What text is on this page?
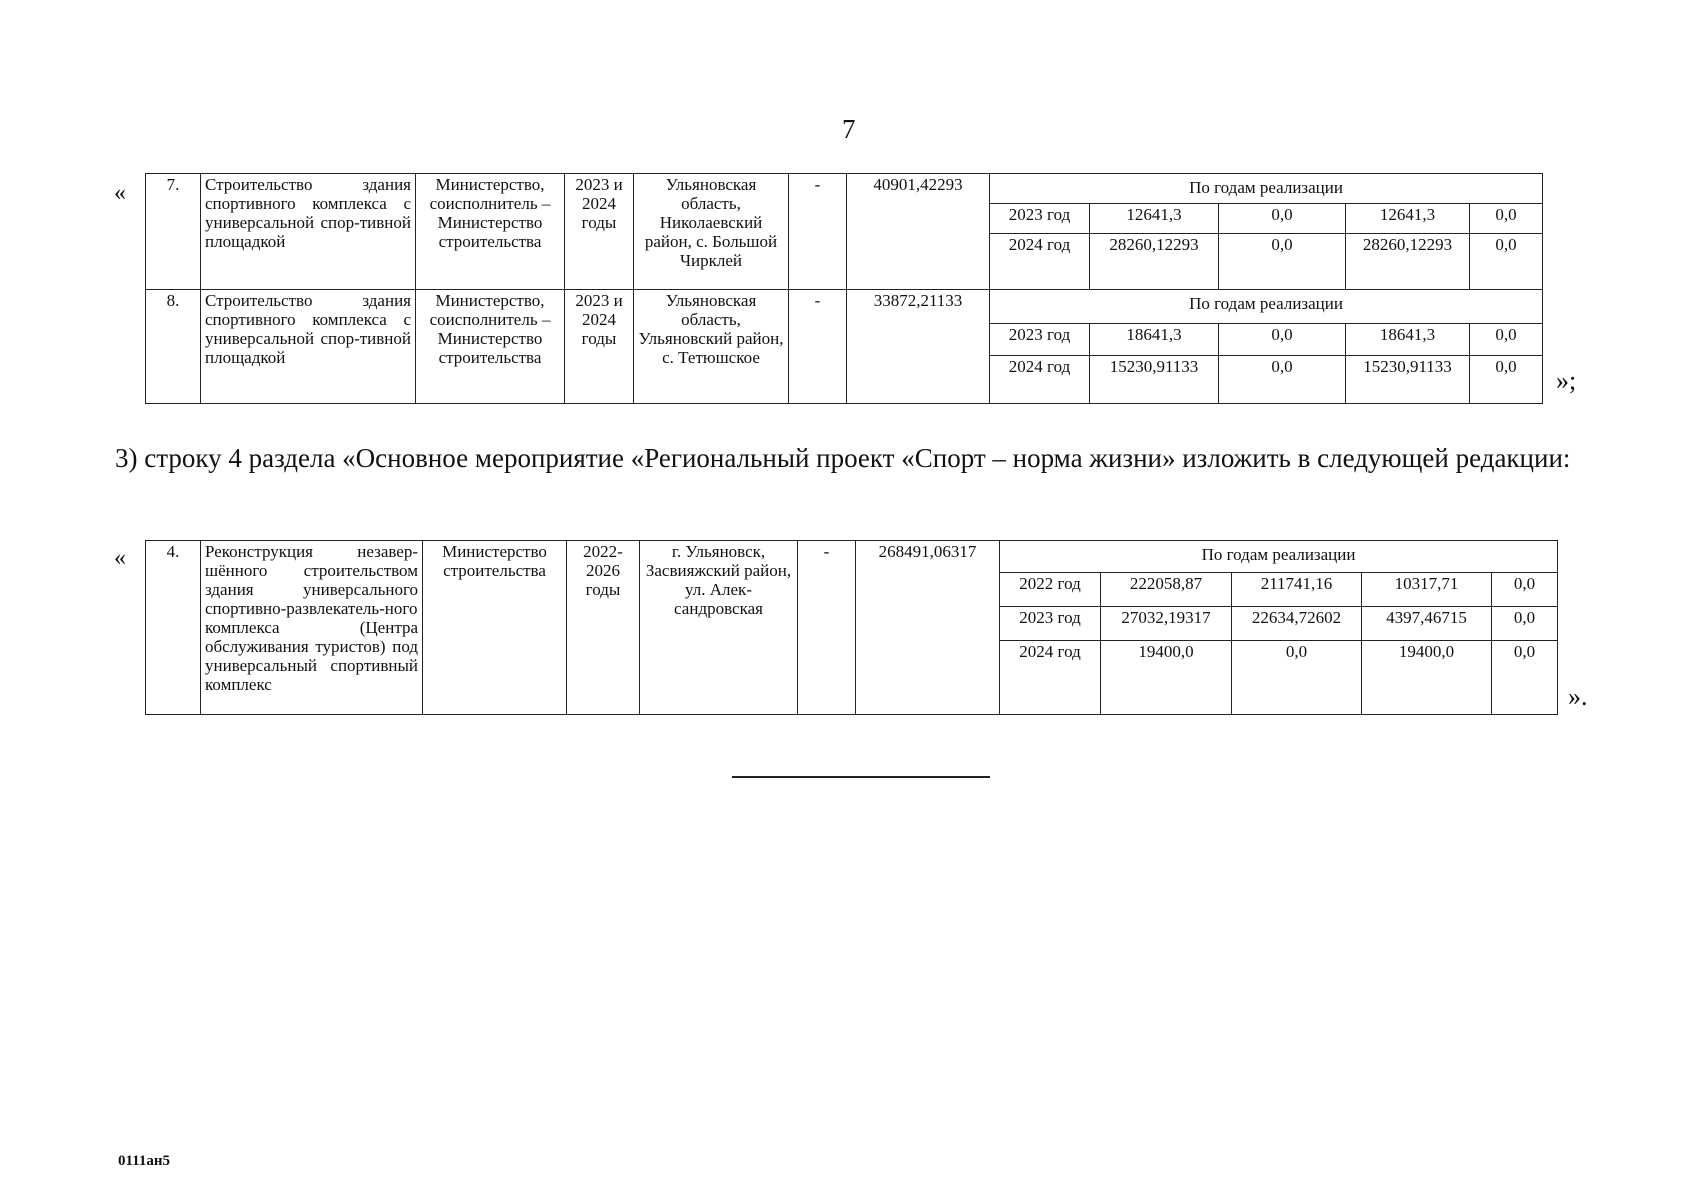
7
« 7.	Строительство здания спортивного комплекса с универсальной спор-тивной площадкой	Министерство, соисполнитель – Министерство строительства	2023 и 2024 годы	Ульяновская область, Николаевский район, с. Большой Чирклей	-	40901,42293	По годам реализации				
							2023 год	12641,3	0,0	12641,3	0,0
							2024 год	28260,12293	0,0	28260,12293	0,0
8.	Строительство здания спортивного комплекса с универсальной спор-тивной площадкой	Министерство, соисполнитель – Министерство строительства	2023 и 2024 годы	Ульяновская область, Ульяновский район, с. Тетюшское	-	33872,21133	По годам реализации				
							2023 год	18641,3	0,0	18641,3	0,0
							2024 год	15230,91133	0,0	15230,91133	0,0 »;
3) строку 4 раздела «Основное мероприятие «Региональный проект «Спорт – норма жизни» изложить в следующей редакции:
« 4.	Реконструкция незавер-шённого строительством здания универсального спортивно-развлекатель-ного комплекса (Центра обслуживания туристов) под универсальный спортивный комплекс	Министерство строительства	2022-2026 годы	г. Ульяновск, Засвияжский район, ул. Алек-сандровская	-	268491,06317	По годам реализации				
							2022 год	222058,87	211741,16	10317,71	0,0
							2023 год	27032,19317	22634,72602	4397,46715	0,0
							2024 год	19400,0	0,0	19400,0	0,0
».
0111ан5
